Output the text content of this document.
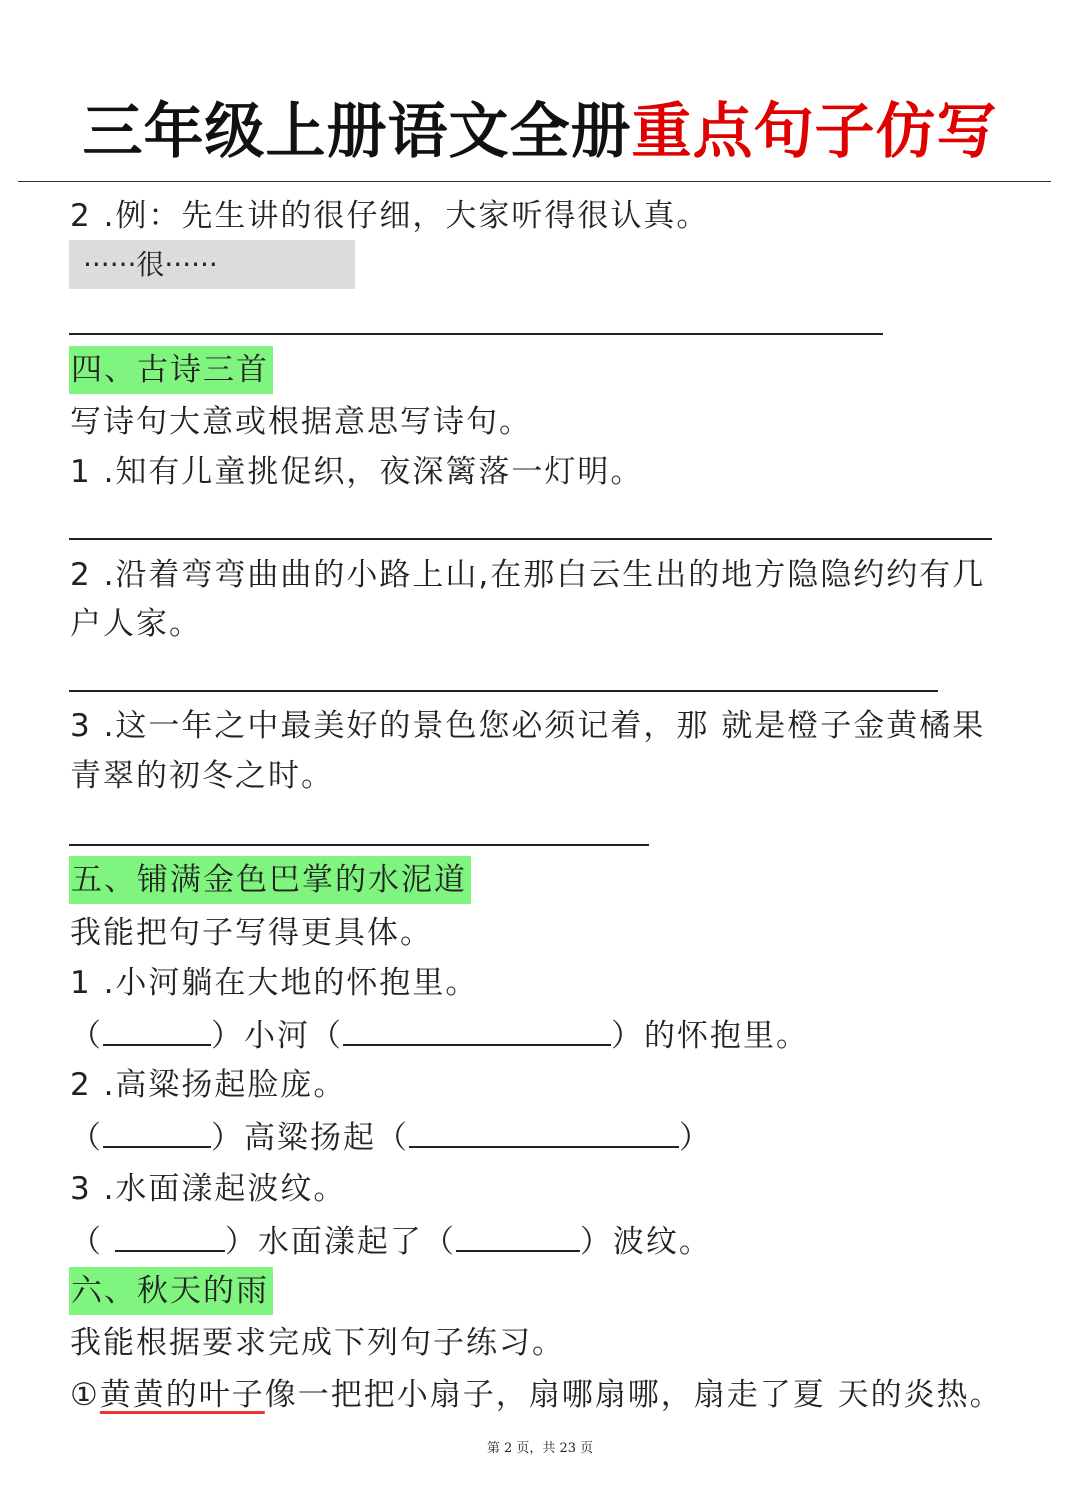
三年级上册语文全册重点句子仿写
2 .例：先生讲的很仔细，大家听得很认真。
······很······
四、古诗三首
写诗句大意或根据意思写诗句。
1 .知有儿童挑促织，夜深篱落一灯明。
2 .沿着弯弯曲曲的小路上山,在那白云生出的地方隐隐约约有几
户人家。
3 .这一年之中最美好的景色您必须记着，那 就是橙子金黄橘果
青翠的初冬之时。
五、铺满金色巴掌的水泥道
我能把句子写得更具体。
1 .小河躺在大地的怀抱里。
（	）小河（	）的怀抱里。
2 .高粱扬起脸庞。
（	）高粱扬起（	）
3 .水面漾起波纹。
（	）水面漾起了（	）波纹。
六、秋天的雨
我能根据要求完成下列句子练习。
①黄黄的叶子像一把把小扇子，扇哪扇哪，扇走了夏 天的炎热。
第 2 页，共 23 页
